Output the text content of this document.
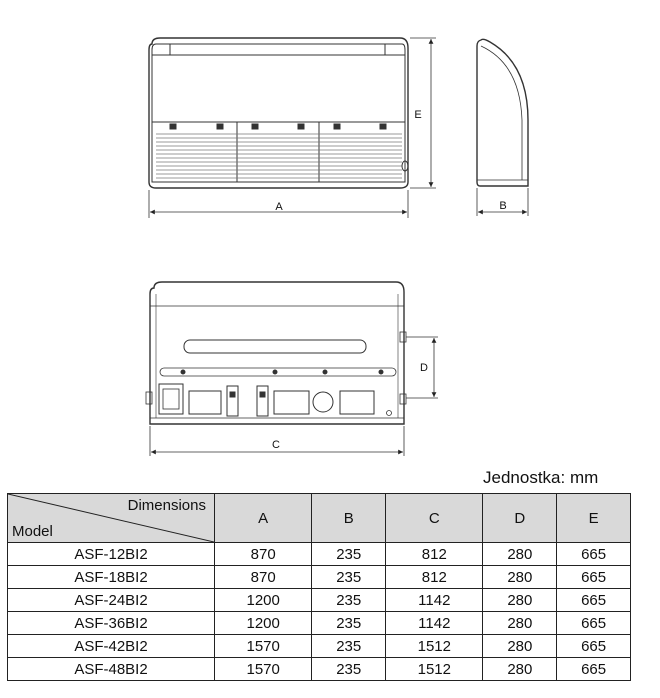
A
E
B
D
C
Jednostka: mm
Dimensions
Model	A	B	C	D	E
ASF-12BI2	870	235	812	280	665
ASF-18BI2	870	235	812	280	665
ASF-24BI2	1200	235	1142	280	665
ASF-36BI2	1200	235	1142	280	665
ASF-42BI2	1570	235	1512	280	665
ASF-48BI2	1570	235	1512	280	665
